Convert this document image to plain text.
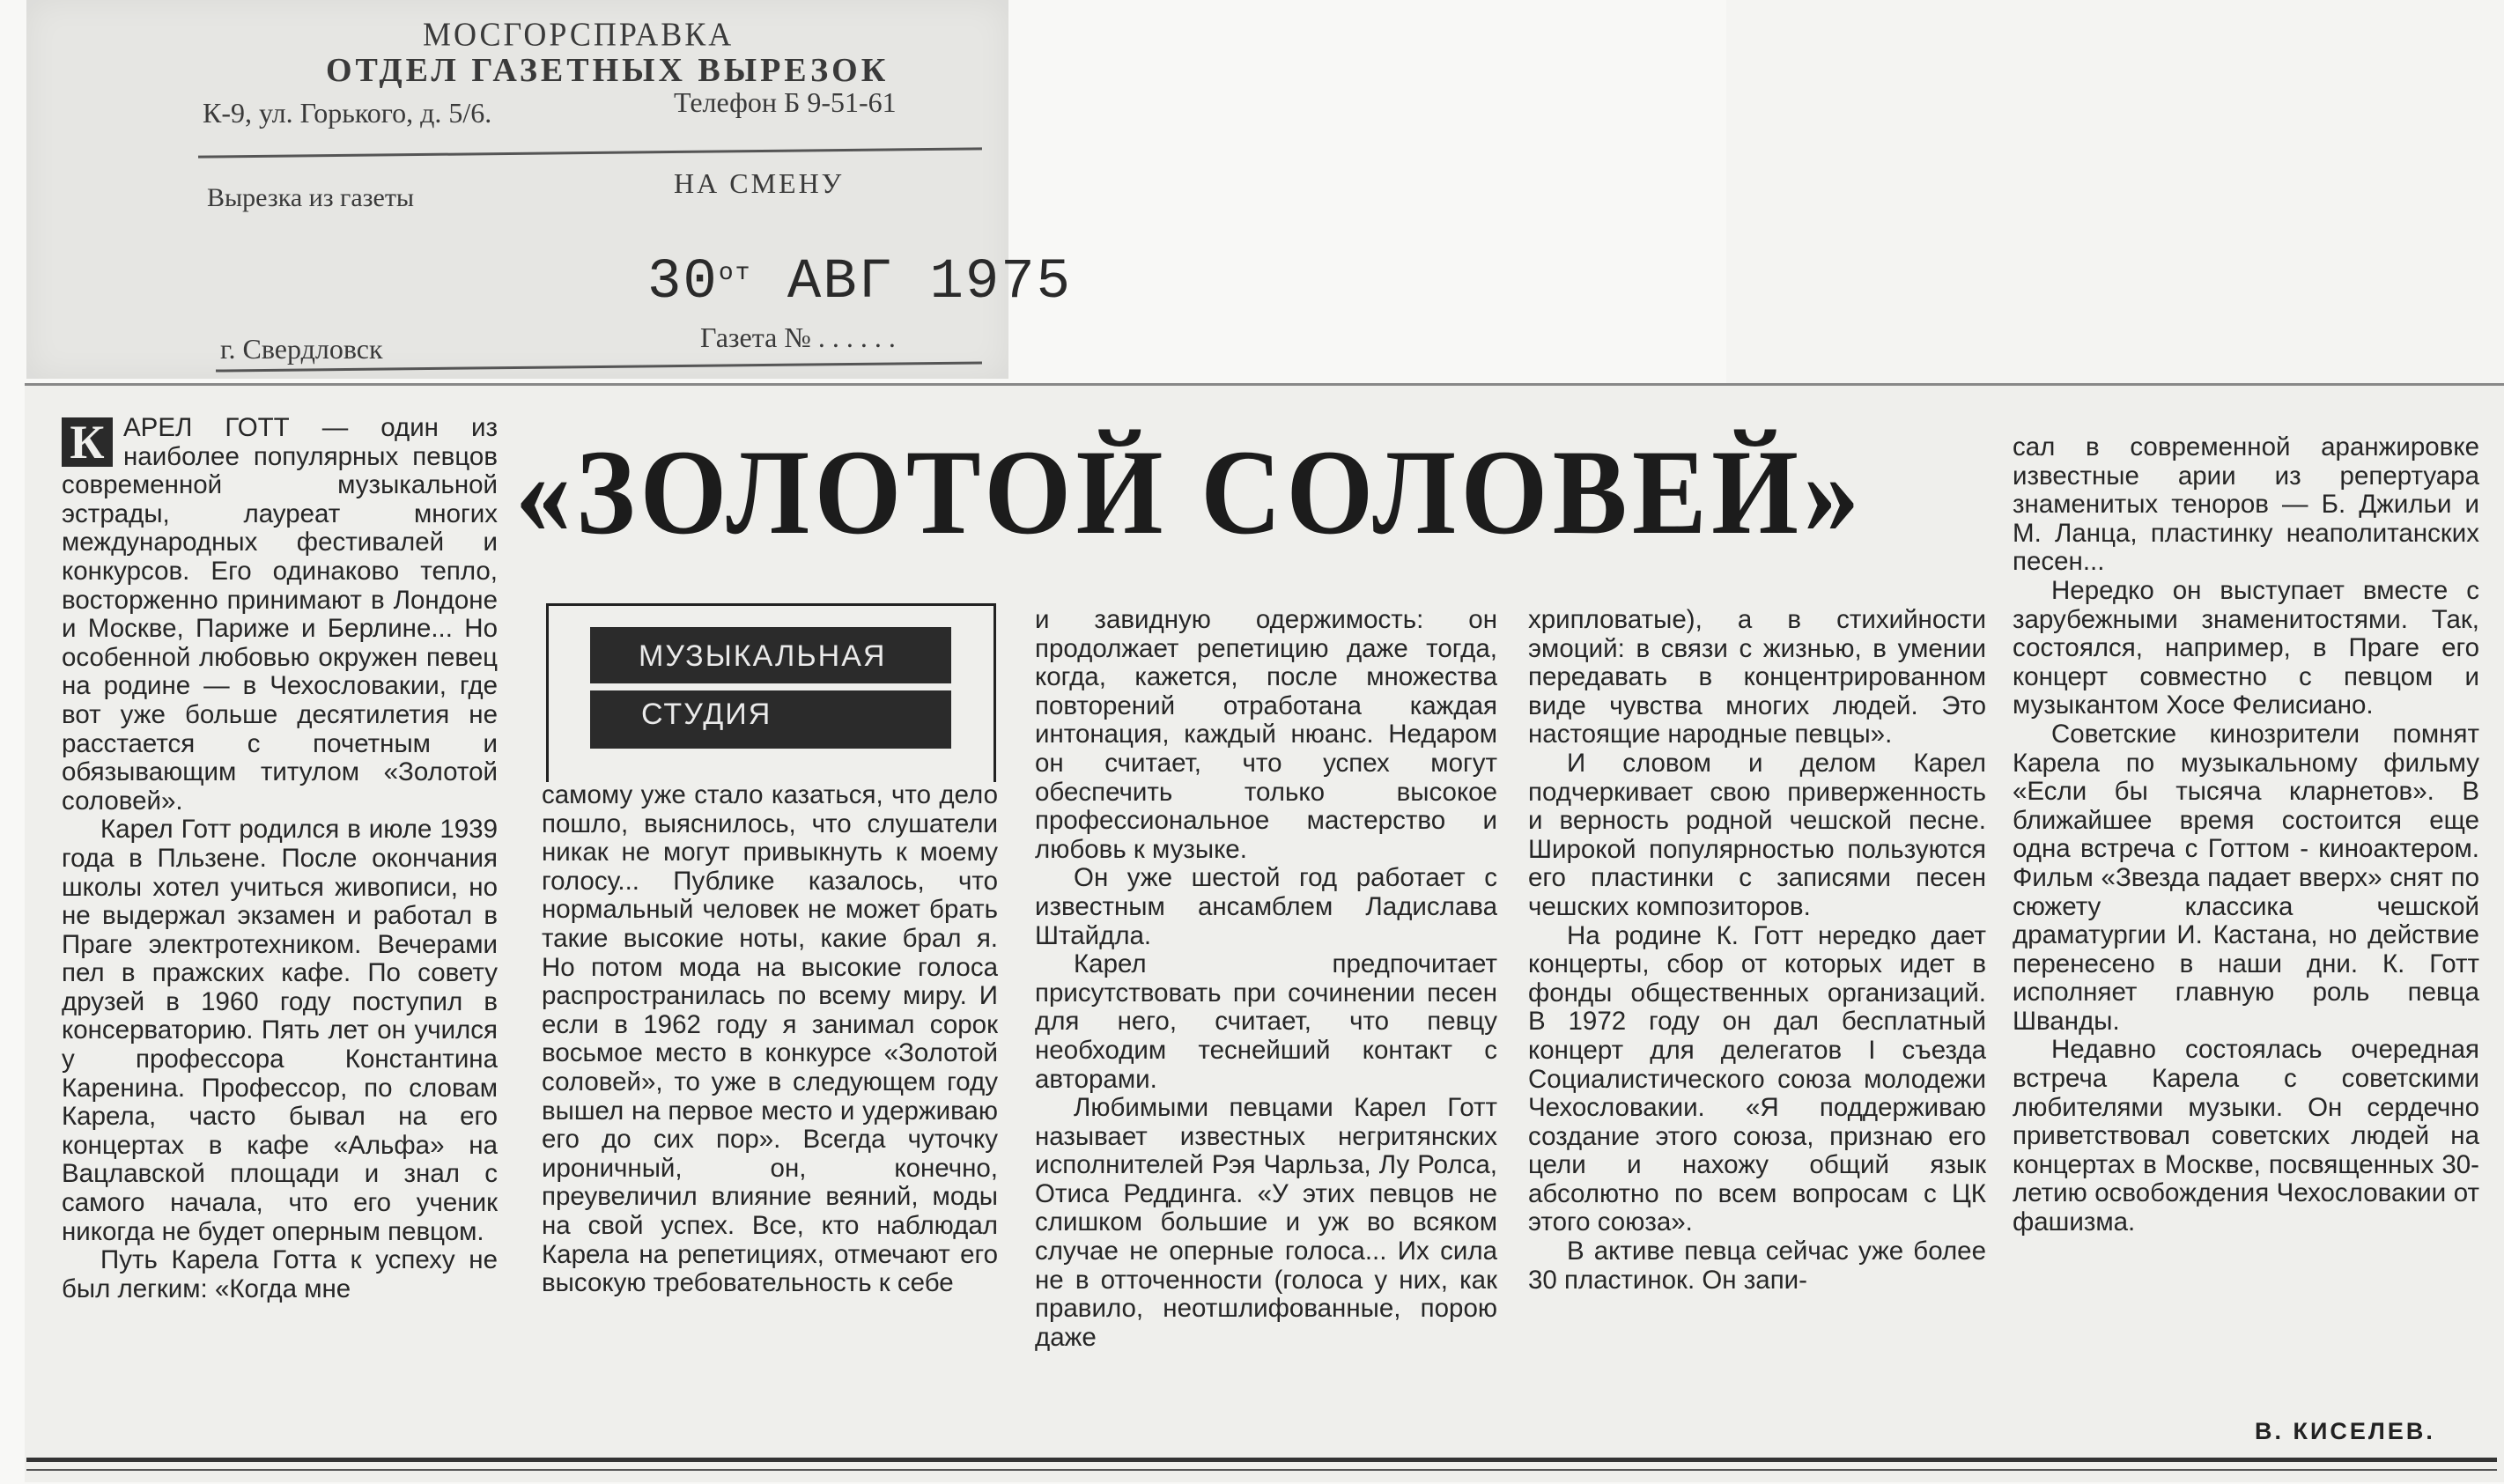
МОСГОРСПРАВКА
ОТДЕЛ ГАЗЕТНЫХ ВЫРЕЗОК
К-9, ул. Горького, д. 5/6.	Телефон Б 9-51-61
Вырезка из газеты	НА СМЕНУ
$30^{от}$ АВГ 1975
г. Свердловск	Газета № . . . . . .
«ЗОЛОТОЙ СОЛОВЕЙ»
МУЗЫКАЛЬНАЯ
СТУДИЯ

К АРЕЛ ГОТТ — один из наиболее популярных певцов современной музыкальной эстрады, лауреат многих международных фестивалей и конкурсов. Его одинаково тепло, восторженно принимают в Лондоне и Москве, Париже и Берлине... Но особенной любовью окружен певец на родине — в Чехословакии, где вот уже больше десятилетия не расстается с почетным и обязывающим титулом «Золотой соловей».

Карел Готт родился в июле 1939 года в Пльзене. После окончания школы хотел учиться живописи, но не выдержал экзамен и работал в Праге электротехником. Вечерами пел в пражских кафе. По совету друзей в 1960 году поступил в консерваторию. Пять лет он учился у профессора Константина Каренина. Профессор, по словам Карела, часто бывал на его концертах в кафе «Альфа» на Вацлавской площади и знал с самого начала, что его ученик никогда не будет оперным певцом.

Путь Карела Готта к успеху не был легким: «Когда мне

самому уже стало казаться, что дело пошло, выяснилось, что слушатели никак не могут привыкнуть к моему голосу... Публике казалось, что нормальный человек не может брать такие высокие ноты, какие брал я. Но потом мода на высокие голоса распространилась по всему миру. И если в 1962 году я занимал сорок восьмое место в конкурсе «Золотой соловей», то уже в следующем году вышел на первое место и удерживаю его до сих пор». Всегда чуточку ироничный, он, конечно, преувеличил влияние веяний, моды на свой успех. Все, кто наблюдал Карела на репетициях, отмечают его высокую требовательность к себе

и завидную одержимость: он продолжает репетицию даже тогда, когда, кажется, после множества повторений отработана каждая интонация, каждый нюанс. Недаром он считает, что успех могут обеспечить только высокое профессиональное мастерство и любовь к музыке.

Он уже шестой год работает с известным ансамблем Ладислава Штайдла.

Карел предпочитает присутствовать при сочинении песен для него, считает, что певцу необходим теснейший контакт с авторами.

Любимыми певцами Карел Готт называет известных негритянских исполнителей Рэя Чарльза, Лу Ролса, Отиса Реддинга. «У этих певцов не слишком большие и уж во всяком случае не оперные голоса... Их сила не в отточенности (голоса у них, как правило, неотшлифованные, порою даже

хрипловатые), а в стихийности эмоций: в связи с жизнью, в умении передавать в концентрированном виде чувства многих людей. Это настоящие народные певцы».

И словом и делом Карел подчеркивает свою приверженность и верность родной чешской песне. Широкой популярностью пользуются его пластинки с записями песен чешских композиторов.

На родине К. Готт нередко дает концерты, сбор от которых идет в фонды общественных организаций. В 1972 году он дал бесплатный концерт для делегатов I съезда Социалистического союза молодежи Чехословакии. «Я поддерживаю создание этого союза, признаю его цели и нахожу общий язык абсолютно по всем вопросам с ЦК этого союза».

В активе певца сейчас уже более 30 пластинок. Он запи-

сал в современной аранжировке известные арии из репертуара знаменитых теноров — Б. Джильи и М. Ланца, пластинку неаполитанских песен...

Нередко он выступает вместе с зарубежными знаменитостями. Так, состоялся, например, в Праге его концерт совместно с певцом и музыкантом Хосе Фелисиано.

Советские кинозрители помнят Карела по музыкальному фильму «Если бы тысяча кларнетов». В ближайшее время состоится еще одна встреча с Готтом - киноактером. Фильм «Звезда падает вверх» снят по сюжету классика чешской драматургии И. Кастана, но действие перенесено в наши дни. К. Готт исполняет главную роль певца Шванды.

Недавно состоялась очередная встреча Карела с советскими любителями музыки. Он сердечно приветствовал советских людей на концертах в Москве, посвященных 30-летию освобождения Чехословакии от фашизма.

В. КИСЕЛЕВ.
